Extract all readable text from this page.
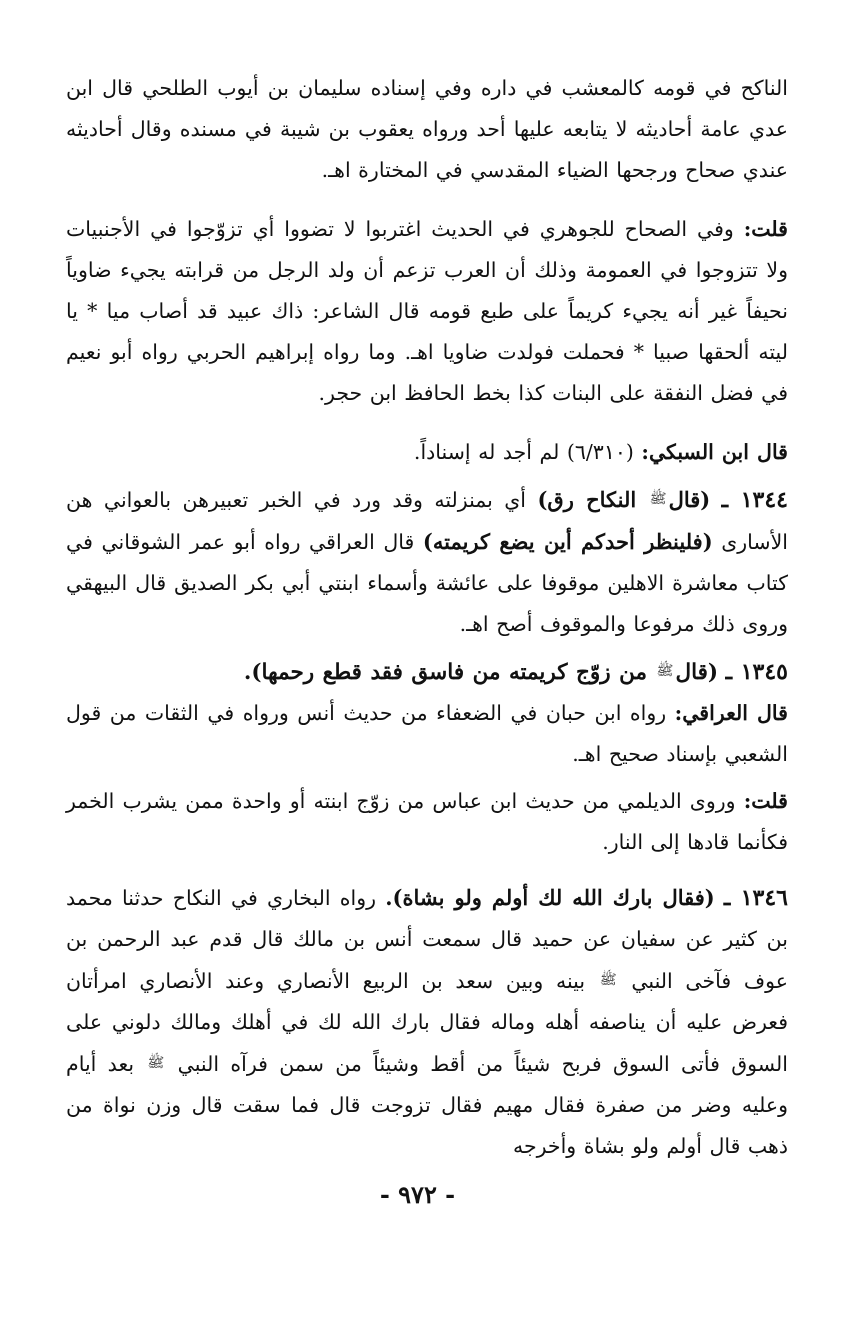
الناكح في قومه كالمعشب في داره وفي إسناده سليمان بن أيوب الطلحي قال ابن عدي عامة أحاديثه لا يتابعه عليها أحد ورواه يعقوب بن شيبة في مسنده وقال أحاديثه عندي صحاح ورجحها الضياء المقدسي في المختارة اهـ.

قلت: وفي الصحاح للجوهري في الحديث اغتربوا لا تضووا أي تزوّجوا في الأجنبيات ولا تتزوجوا في العمومة وذلك أن العرب تزعم أن ولد الرجل من قرابته يجيء ضاوياً نحيفاً غير أنه يجيء كريماً على طبع قومه قال الشاعر: ذاك عبيد قد أصاب ميا * يا ليته ألحقها صبيا * فحملت فولدت ضاويا اهـ. وما رواه إبراهيم الحربي رواه أبو نعيم في فضل النفقة على البنات كذا بخط الحافظ ابن حجر.

قال ابن السبكي: (٦/٣١٠) لم أجد له إسناداً.

١٣٤٤ ـ (قالﷺ النكاح رق) أي بمنزلته وقد ورد في الخبر تعبيرهن بالعواني هن الأسارى (فلينظر أحدكم أين يضع كريمته) قال العراقي رواه أبو عمر الشوقاني في كتاب معاشرة الاهلين موقوفا على عائشة وأسماء ابنتي أبي بكر الصديق قال البيهقي وروى ذلك مرفوعا والموقوف أصح اهـ.

١٣٤٥ ـ (قالﷺ من زوّج كريمته من فاسق فقد قطع رحمها).

قال العراقي: رواه ابن حبان في الضعفاء من حديث أنس ورواه في الثقات من قول الشعبي بإسناد صحيح اهـ.

قلت: وروى الديلمي من حديث ابن عباس من زوّج ابنته أو واحدة ممن يشرب الخمر فكأنما قادها إلى النار.

١٣٤٦ ـ (فقال بارك الله لك أولم ولو بشاة). رواه البخاري في النكاح حدثنا محمد بن كثير عن سفيان عن حميد قال سمعت أنس بن مالك قال قدم عبد الرحمن بن عوف فآخى النبي ﷺ بينه وبين سعد بن الربيع الأنصاري وعند الأنصاري امرأتان فعرض عليه أن يناصفه أهله وماله فقال بارك الله لك في أهلك ومالك دلوني على السوق فأتى السوق فربح شيئاً من أقط وشيئاً من سمن فرآه النبي ﷺ بعد أيام وعليه وضر من صفرة فقال مهيم فقال تزوجت قال فما سقت قال وزن نواة من ذهب قال أولم ولو بشاة وأخرجه

- ٩٧٢ -
